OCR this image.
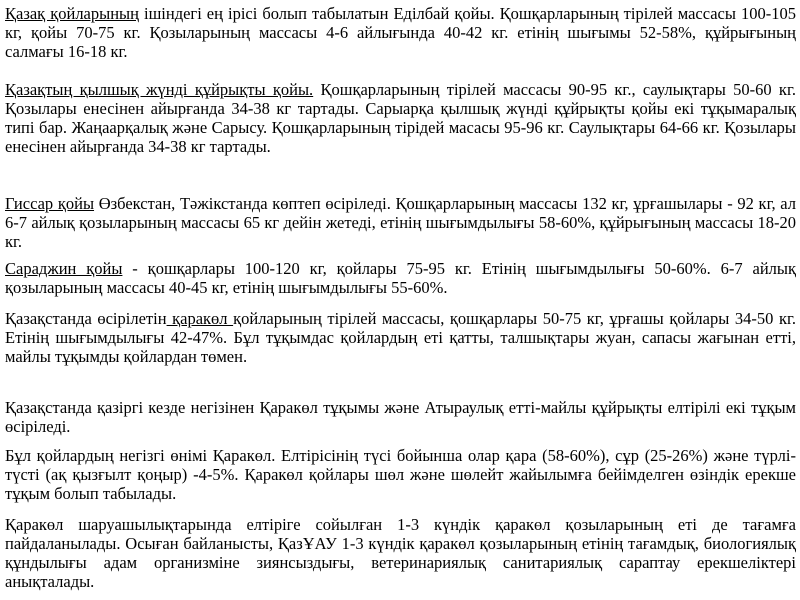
Қазақ қойларының ішіндегі ең ірісі болып табылатын Еділбай қойы. Қошқарларының тірілей массасы 100-105 кг, қойы 70-75 кг. Қозыларының массасы 4-6 айлығында 40-42 кг. етінің шығымы 52-58%, құйрығының салмағы 16-18 кг.

Қазақтың қылшық жүнді құйрықты қойы. Қошқарларының тірілей массасы 90-95 кг., саулықтары 50-60 кг. Қозылары енесінен айырғанда 34-38 кг тартады. Сарыарқа қылшық жүнді құйрықты қойы екі тұқымаралық типі бар. Жаңаарқалық және Сарысу. Қошқарларының тірідей масасы 95-96 кг. Саулықтары 64-66 кг. Қозылары енесінен айырғанда 34-38 кг тартады.

Гиссар қойы Өзбекстан, Тәжікстанда көптеп өсіріледі. Қошқарларының массасы 132 кг, ұрғашылары - 92 кг, ал 6-7 айлық қозыларының массасы 65 кг дейін жетеді, етінің шығымдылығы 58-60%, құйрығының массасы 18-20 кг.

Сараджин қойы - қошқарлары 100-120 кг, қойлары 75-95 кг. Етінің шығымдылығы 50-60%. 6-7 айлық қозыларының массасы 40-45 кг, етінің шығымдылығы 55-60%.

Қазақстанда өсірілетін қаракөл қойларының тірілей массасы, қошқарлары 50-75 кг, ұрғашы қойлары 34-50 кг. Етінің шығымдылығы 42-47%. Бұл тұқымдас қойлардың еті қатты, талшықтары жуан, сапасы жағынан етті, майлы тұқымды қойлардан төмен.

Қазақстанда қазіргі кезде негізінен Қаракөл тұқымы және Атыраулық етті-майлы құйрықты елтірілі екі тұқым өсіріледі.

Бұл қойлардың негізгі өнімі Қаракөл. Елтірісінің түсі бойынша олар қара (58-60%), сұр (25-26%) және түрлі-түсті (ақ қызғылт қоңыр) -4-5%. Қаракөл қойлары шөл және шөлейт жайылымға бейімделген өзіндік ерекше тұқым болып табылады.

Қаракөл шаруашылықтарында елтіріге сойылған 1-3 күндік қаракөл қозыларының еті де тағамға пайдаланылады. Осыған байланысты, ҚазҰАУ 1-3 күндік қаракөл қозыларының етінің тағамдық, биологиялық құндылығы адам организміне зиянсыздығы, ветеринариялық санитариялық сараптау ерекшеліктері анықталады.
